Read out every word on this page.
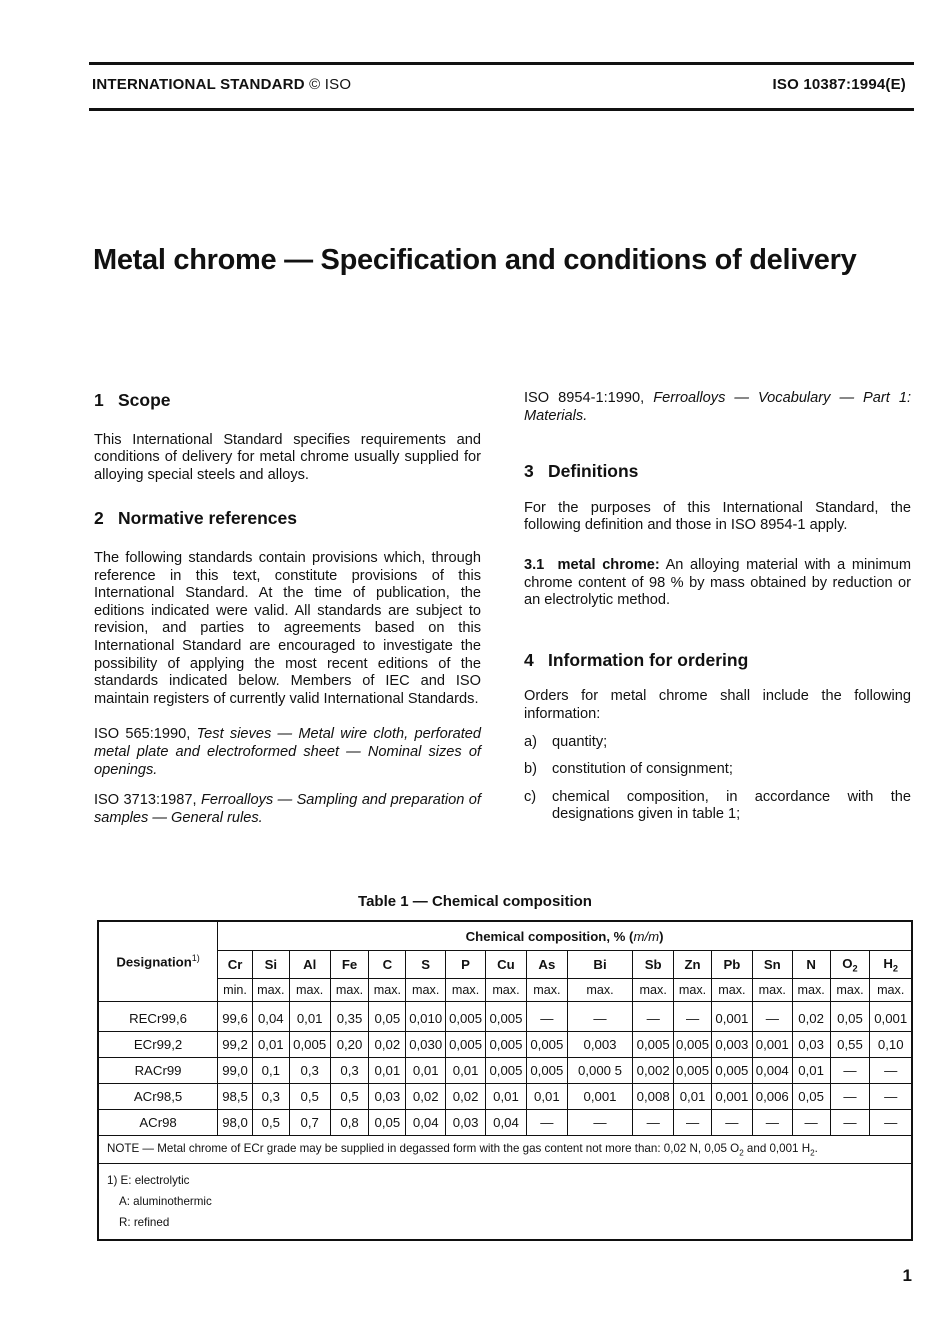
INTERNATIONAL STANDARD © ISO	ISO 10387:1994(E)
Metal chrome — Specification and conditions of delivery
1 Scope

This International Standard specifies requirements and conditions of delivery for metal chrome usually supplied for alloying special steels and alloys.

2 Normative references

The following standards contain provisions which, through reference in this text, constitute provisions of this International Standard. At the time of publication, the editions indicated were valid. All standards are subject to revision, and parties to agreements based on this International Standard are encouraged to investigate the possibility of applying the most recent editions of the standards indicated below. Members of IEC and ISO maintain registers of currently valid International Standards.

ISO 565:1990, Test sieves — Metal wire cloth, perforated metal plate and electroformed sheet — Nominal sizes of openings.

ISO 3713:1987, Ferroalloys — Sampling and preparation of samples — General rules.

ISO 8954-1:1990, Ferroalloys — Vocabulary — Part 1: Materials.

3 Definitions

For the purposes of this International Standard, the following definition and those in ISO 8954-1 apply.

3.1 metal chrome: An alloying material with a minimum chrome content of 98 % by mass obtained by reduction or an electrolytic method.

4 Information for ordering

Orders for metal chrome shall include the following information:

a)	quantity;
b)	constitution of consignment;
c)	chemical composition, in accordance with the designations given in table 1;
Table 1 — Chemical composition
Designation$^{1)}$	Chemical composition, % (m/m)																
	Cr	Si	Al	Fe	C	S	P	Cu	As	Bi	Sb	Zn	Pb	Sn	N	$O_2$	$H_2$
	min.	max.	max.	max.	max.	max.	max.	max.	max.	max.	max.	max.	max.	max.	max.	max.	max.
RECr99,6	99,6	0,04	0,01	0,35	0,05	0,010	0,005	0,005	—	—	—	—	0,001	—	0,02	0,05	0,001
ECr99,2	99,2	0,01	0,005	0,20	0,02	0,030	0,005	0,005	0,005	0,003	0,005	0,005	0,003	0,001	0,03	0,55	0,10
RACr99	99,0	0,1	0,3	0,3	0,01	0,01	0,01	0,005	0,005	0,000 5	0,002	0,005	0,005	0,004	0,01	—	—
ACr98,5	98,5	0,3	0,5	0,5	0,03	0,02	0,02	0,01	0,01	0,001	0,008	0,01	0,001	0,006	0,05	—	—
ACr98	98,0	0,5	0,7	0,8	0,05	0,04	0,03	0,04	—	—	—	—	—	—	—	—	—
NOTE — Metal chrome of ECr grade may be supplied in degassed form with the gas content not more than: 0,02 N, 0,05 $O_2$ and 0,001 $H_2$.																	

1) E: electrolytic
A: aluminothermic
R: refined																	
1
